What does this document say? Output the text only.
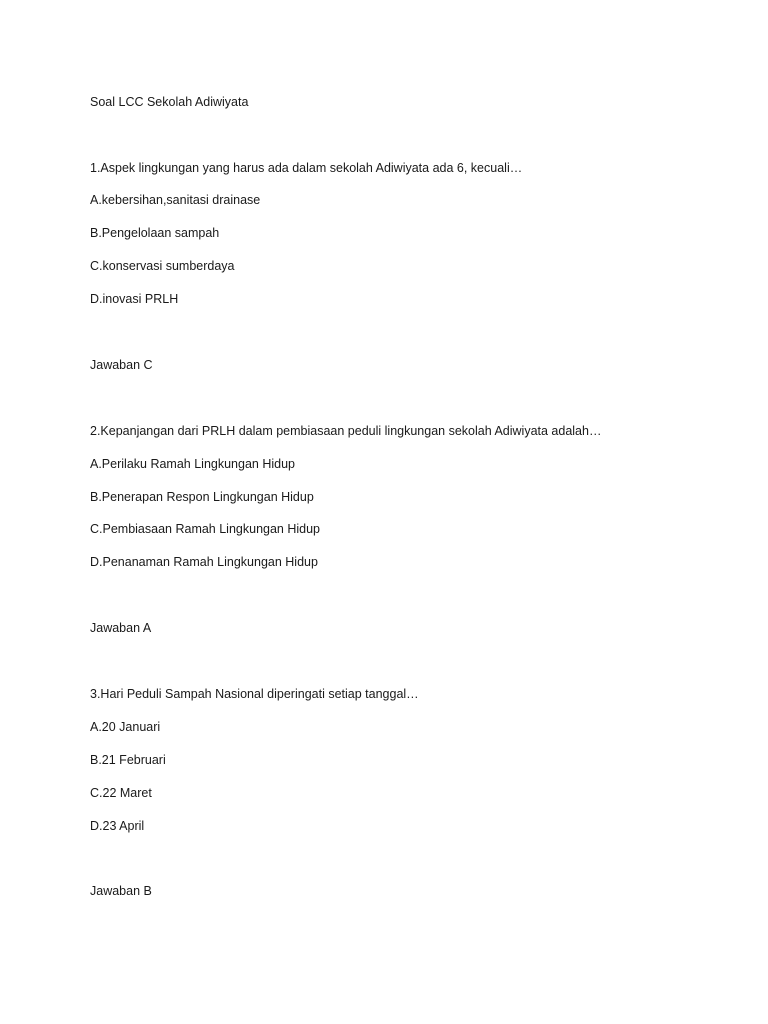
Soal LCC Sekolah Adiwiyata
1.Aspek lingkungan yang harus ada dalam sekolah Adiwiyata ada 6, kecuali…
A.kebersihan,sanitasi drainase
B.Pengelolaan sampah
C.konservasi sumberdaya
D.inovasi PRLH
Jawaban C
2.Kepanjangan dari PRLH dalam pembiasaan peduli lingkungan sekolah Adiwiyata adalah…
A.Perilaku Ramah Lingkungan Hidup
B.Penerapan Respon Lingkungan Hidup
C.Pembiasaan Ramah Lingkungan Hidup
D.Penanaman Ramah Lingkungan Hidup
Jawaban A
3.Hari Peduli Sampah Nasional diperingati setiap tanggal…
A.20 Januari
B.21 Februari
C.22 Maret
D.23 April
Jawaban B
